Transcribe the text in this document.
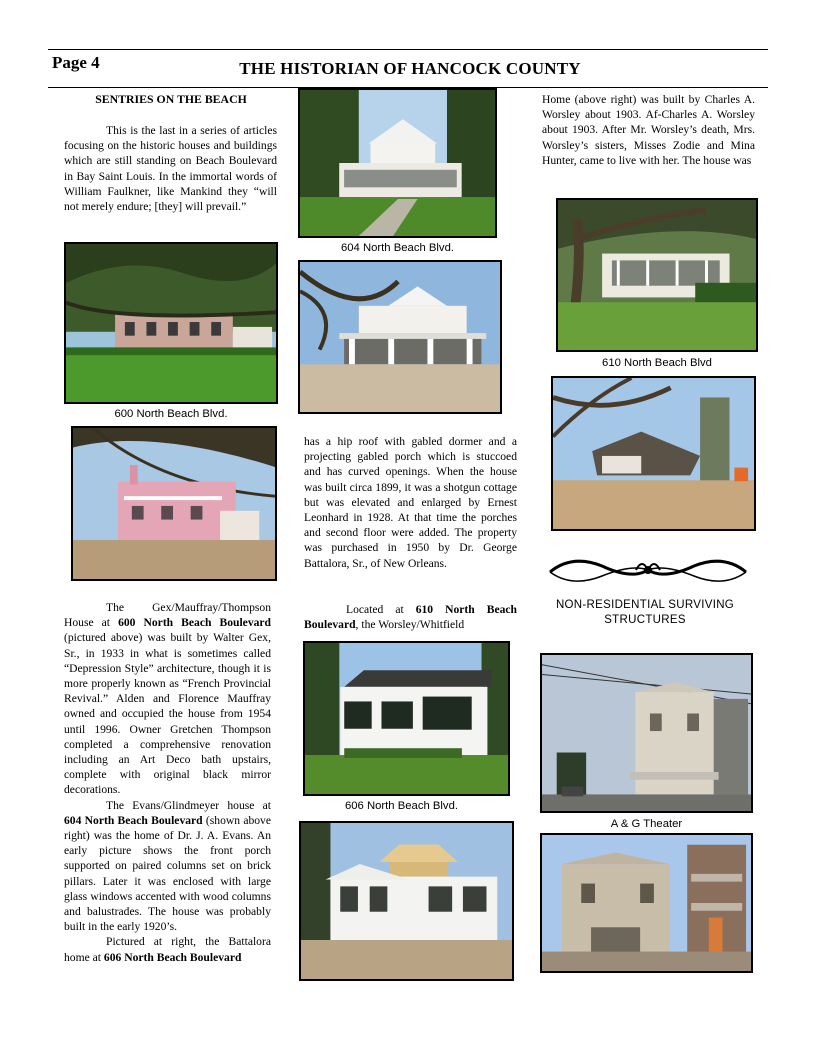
Page 4	THE HISTORIAN OF HANCOCK COUNTY
SENTRIES ON THE BEACH

This is the last in a series of articles focusing on the historic houses and buildings which are still standing on Beach Boulevard in Bay Saint Louis. In the immortal words of William Faulkner, like Mankind they “will not merely endure; [they] will prevail.”

600 North Beach Blvd.

The Gex/Mauffray/Thompson House at 600 North Beach Boulevard (pictured above) was built by Walter Gex, Sr., in 1933 in what is sometimes called “Depression Style” architecture, though it is more properly known as “French Provincial Revival.” Alden and Florence Mauffray owned and occupied the house from 1954 until 1996. Owner Gretchen Thompson completed a comprehensive renovation including an Art Deco bath upstairs, complete with original black mirror decorations.

The Evans/Glindmeyer house at 604 North Beach Boulevard (shown above right) was the home of Dr. J. A. Evans. An early picture shows the front porch supported on paired columns set on brick pillars. Later it was enclosed with large glass windows accented with wood columns and balustrades. The house was probably built in the early 1920’s.

Pictured at right, the Battalora home at 606 North Beach Boulevard

604 North Beach Blvd.

has a hip roof with gabled dormer and a projecting gabled porch which is stuccoed and has curved openings. When the house was built circa 1899, it was a shotgun cottage but was elevated and enlarged by Ernest Leonhard in 1928. At that time the porches and second floor were added. The property was purchased in 1950 by Dr. George Battalora, Sr., of New Orleans.

Located at 610 North Beach Boulevard, the Worsley/Whitfield

606 North Beach Blvd.

Home (above right) was built by Charles A. Worsley about 1903. Af-Charles A. Worsley about 1903. After Mr. Worsley’s death, Mrs. Worsley’s sisters, Misses Zodie and Mina Hunter, came to live with her. The house was

610 North Beach Blvd
NON-RESIDENTIAL SURVIVING
STRUCTURES
A & G Theater
